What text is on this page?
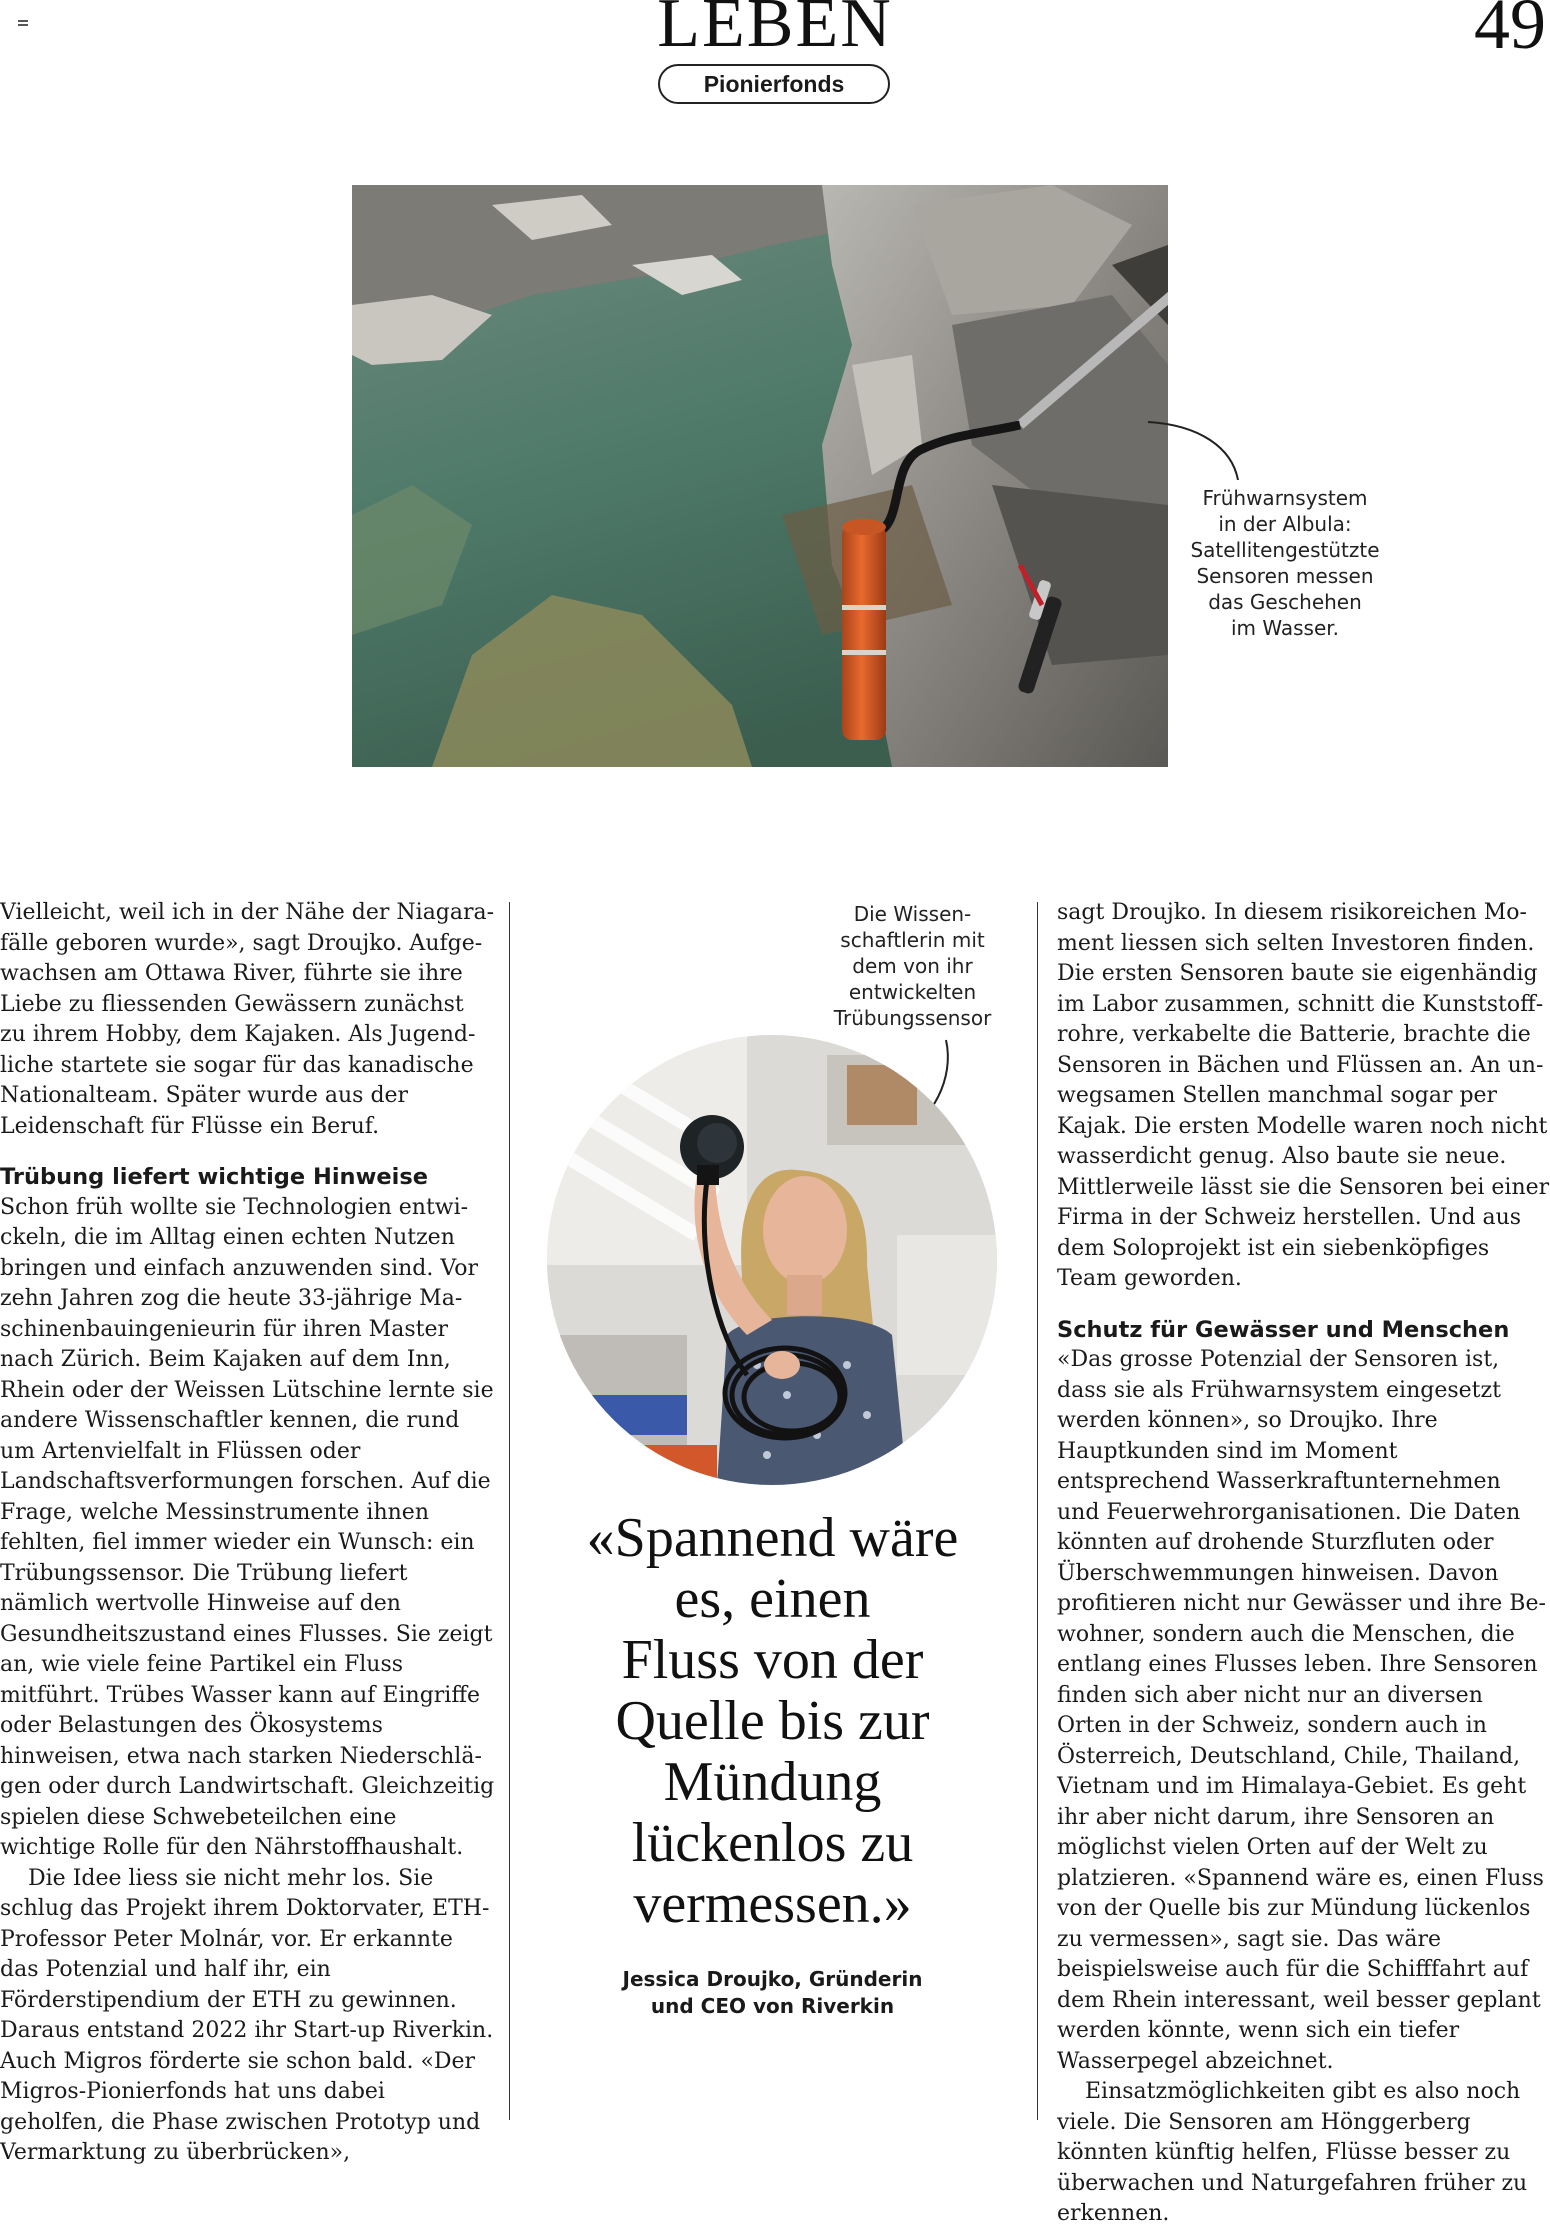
LEBEN
Pionierfonds
49
Frühwarnsystem
in der Albula:
Satellitengestützte
Sensoren messen
das Geschehen
im Wasser.

Vielleicht, weil ich in der Nähe der Niagarafälle geboren wurde», sagt Droujko. Aufgewachsen am Ottawa River, führte sie ihre Liebe zu fliessenden Gewässern zunächst zu ihrem Hobby, dem Kajaken. Als Jugendliche startete sie sogar für das kanadische Nationalteam. Später wurde aus der Leidenschaft für Flüsse ein Beruf.

Trübung liefert wichtige Hinweise

Schon früh wollte sie Technologien entwickeln, die im Alltag einen echten Nutzen bringen und einfach anzuwenden sind. Vor zehn Jahren zog die heute 33-jährige Maschinenbauingenieurin für ihren Master nach Zürich. Beim Kajaken auf dem Inn, Rhein oder der Weissen Lütschine lernte sie andere Wissenschaftler kennen, die rund um Artenvielfalt in Flüssen oder Landschaftsverformungen forschen. Auf die Frage, welche Messinstrumente ihnen fehlten, fiel immer wieder ein Wunsch: ein Trübungssensor. Die Trübung liefert nämlich wertvolle Hinweise auf den Gesundheitszustand eines Flusses. Sie zeigt an, wie viele feine Partikel ein Fluss mitführt. Trübes Wasser kann auf Eingriffe oder Belastungen des Ökosystems hinweisen, etwa nach starken Niederschlägen oder durch Landwirtschaft. Gleichzeitig spielen diese Schwebeteilchen eine wichtige Rolle für den Nährstoffhaushalt.

Die Idee liess sie nicht mehr los. Sie schlug das Projekt ihrem Doktorvater, ETH-Professor Peter Molnár, vor. Er erkannte das Potenzial und half ihr, ein Förderstipendium der ETH zu gewinnen. Daraus entstand 2022 ihr Start-up Riverkin. Auch Migros förderte sie schon bald. «Der Migros-Pionierfonds hat uns dabei geholfen, die Phase zwischen Prototyp und Vermarktung zu überbrücken»,

Die Wissen-
schaftlerin mit
dem von ihr
entwickelten
Trübungssensor
«Spannend wäre
es, einen
Fluss von der
Quelle bis zur
Mündung
lückenlos zu
vermessen.»
Jessica Droujko, Gründerin
und CEO von Riverkin

sagt Droujko. In diesem risikoreichen Moment liessen sich selten Investoren finden. Die ersten Sensoren baute sie eigenhändig im Labor zusammen, schnitt die Kunststoffrohre, verkabelte die Batterie, brachte die Sensoren in Bächen und Flüssen an. An unwegsamen Stellen manchmal sogar per Kajak. Die ersten Modelle waren noch nicht wasserdicht genug. Also baute sie neue. Mittlerweile lässt sie die Sensoren bei einer Firma in der Schweiz herstellen. Und aus dem Soloprojekt ist ein siebenköpfiges Team geworden.

Schutz für Gewässer und Menschen

«Das grosse Potenzial der Sensoren ist, dass sie als Frühwarnsystem eingesetzt werden können», so Droujko. Ihre Hauptkunden sind im Moment entsprechend Wasserkraftunternehmen und Feuerwehrorganisationen. Die Daten könnten auf drohende Sturzfluten oder Überschwemmungen hinweisen. Davon profitieren nicht nur Gewässer und ihre Bewohner, sondern auch die Menschen, die entlang eines Flusses leben. Ihre Sensoren finden sich aber nicht nur an diversen Orten in der Schweiz, sondern auch in Österreich, Deutschland, Chile, Thailand, Vietnam und im Himalaya-Gebiet. Es geht ihr aber nicht darum, ihre Sensoren an möglichst vielen Orten auf der Welt zu platzieren. «Spannend wäre es, einen Fluss von der Quelle bis zur Mündung lückenlos zu vermessen», sagt sie. Das wäre beispielsweise auch für die Schifffahrt auf dem Rhein interessant, weil besser geplant werden könnte, wenn sich ein tiefer Wasserpegel abzeichnet.

Einsatzmöglichkeiten gibt es also noch viele. Die Sensoren am Hönggerberg könnten künftig helfen, Flüsse besser zu überwachen und Naturgefahren früher zu erkennen.
